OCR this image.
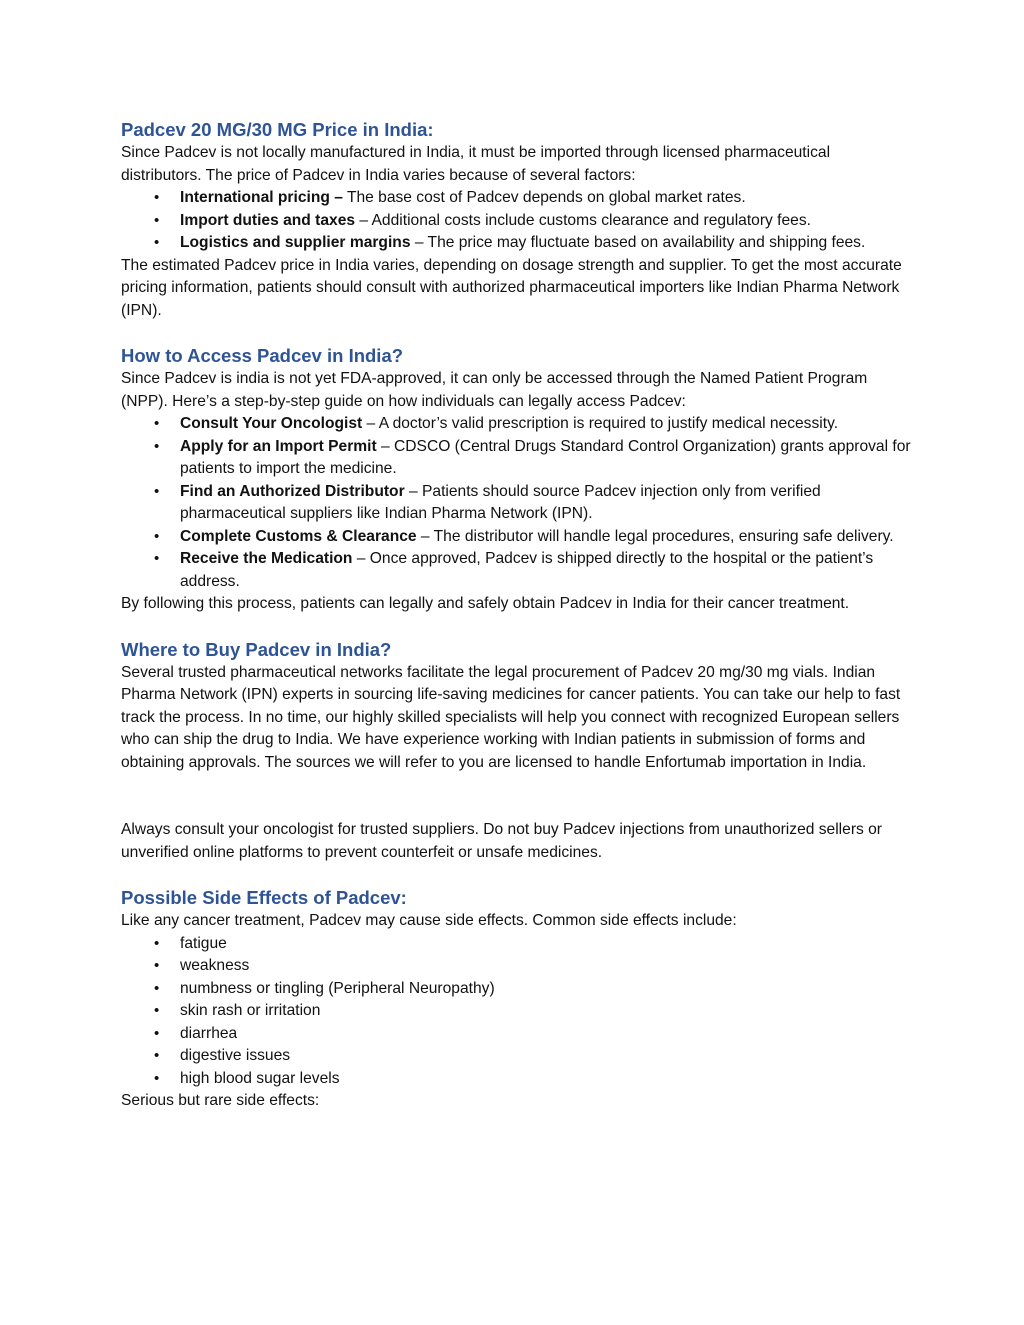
Padcev 20 MG/30 MG Price in India:

Since Padcev is not locally manufactured in India, it must be imported through licensed pharmaceutical distributors. The price of Padcev in India varies because of several factors:

• International pricing – The base cost of Padcev depends on global market rates.
• Import duties and taxes – Additional costs include customs clearance and regulatory fees.
• Logistics and supplier margins – The price may fluctuate based on availability and shipping fees.

The estimated Padcev price in India varies, depending on dosage strength and supplier. To get the most accurate pricing information, patients should consult with authorized pharmaceutical importers like Indian Pharma Network (IPN).

How to Access Padcev in India?

Since Padcev is india is not yet FDA-approved, it can only be accessed through the Named Patient Program (NPP). Here’s a step-by-step guide on how individuals can legally access Padcev:

• Consult Your Oncologist – A doctor’s valid prescription is required to justify medical necessity.
• Apply for an Import Permit – CDSCO (Central Drugs Standard Control Organization) grants approval for patients to import the medicine.
• Find an Authorized Distributor – Patients should source Padcev injection only from verified pharmaceutical suppliers like Indian Pharma Network (IPN).
• Complete Customs & Clearance – The distributor will handle legal procedures, ensuring safe delivery.
• Receive the Medication – Once approved, Padcev is shipped directly to the hospital or the patient’s address.

By following this process, patients can legally and safely obtain Padcev in India for their cancer treatment.

Where to Buy Padcev in India?

Several trusted pharmaceutical networks facilitate the legal procurement of Padcev 20 mg/30 mg vials. Indian Pharma Network (IPN) experts in sourcing life-saving medicines for cancer patients. You can take our help to fast track the process. In no time, our highly skilled specialists will help you connect with recognized European sellers who can ship the drug to India. We have experience working with Indian patients in submission of forms and obtaining approvals. The sources we will refer to you are licensed to handle Enfortumab importation in India.

Always consult your oncologist for trusted suppliers. Do not buy Padcev injections from unauthorized sellers or unverified online platforms to prevent counterfeit or unsafe medicines.

Possible Side Effects of Padcev:

Like any cancer treatment, Padcev may cause side effects. Common side effects include:

• fatigue
• weakness
• numbness or tingling (Peripheral Neuropathy)
• skin rash or irritation
• diarrhea
• digestive issues
• high blood sugar levels

Serious but rare side effects:
